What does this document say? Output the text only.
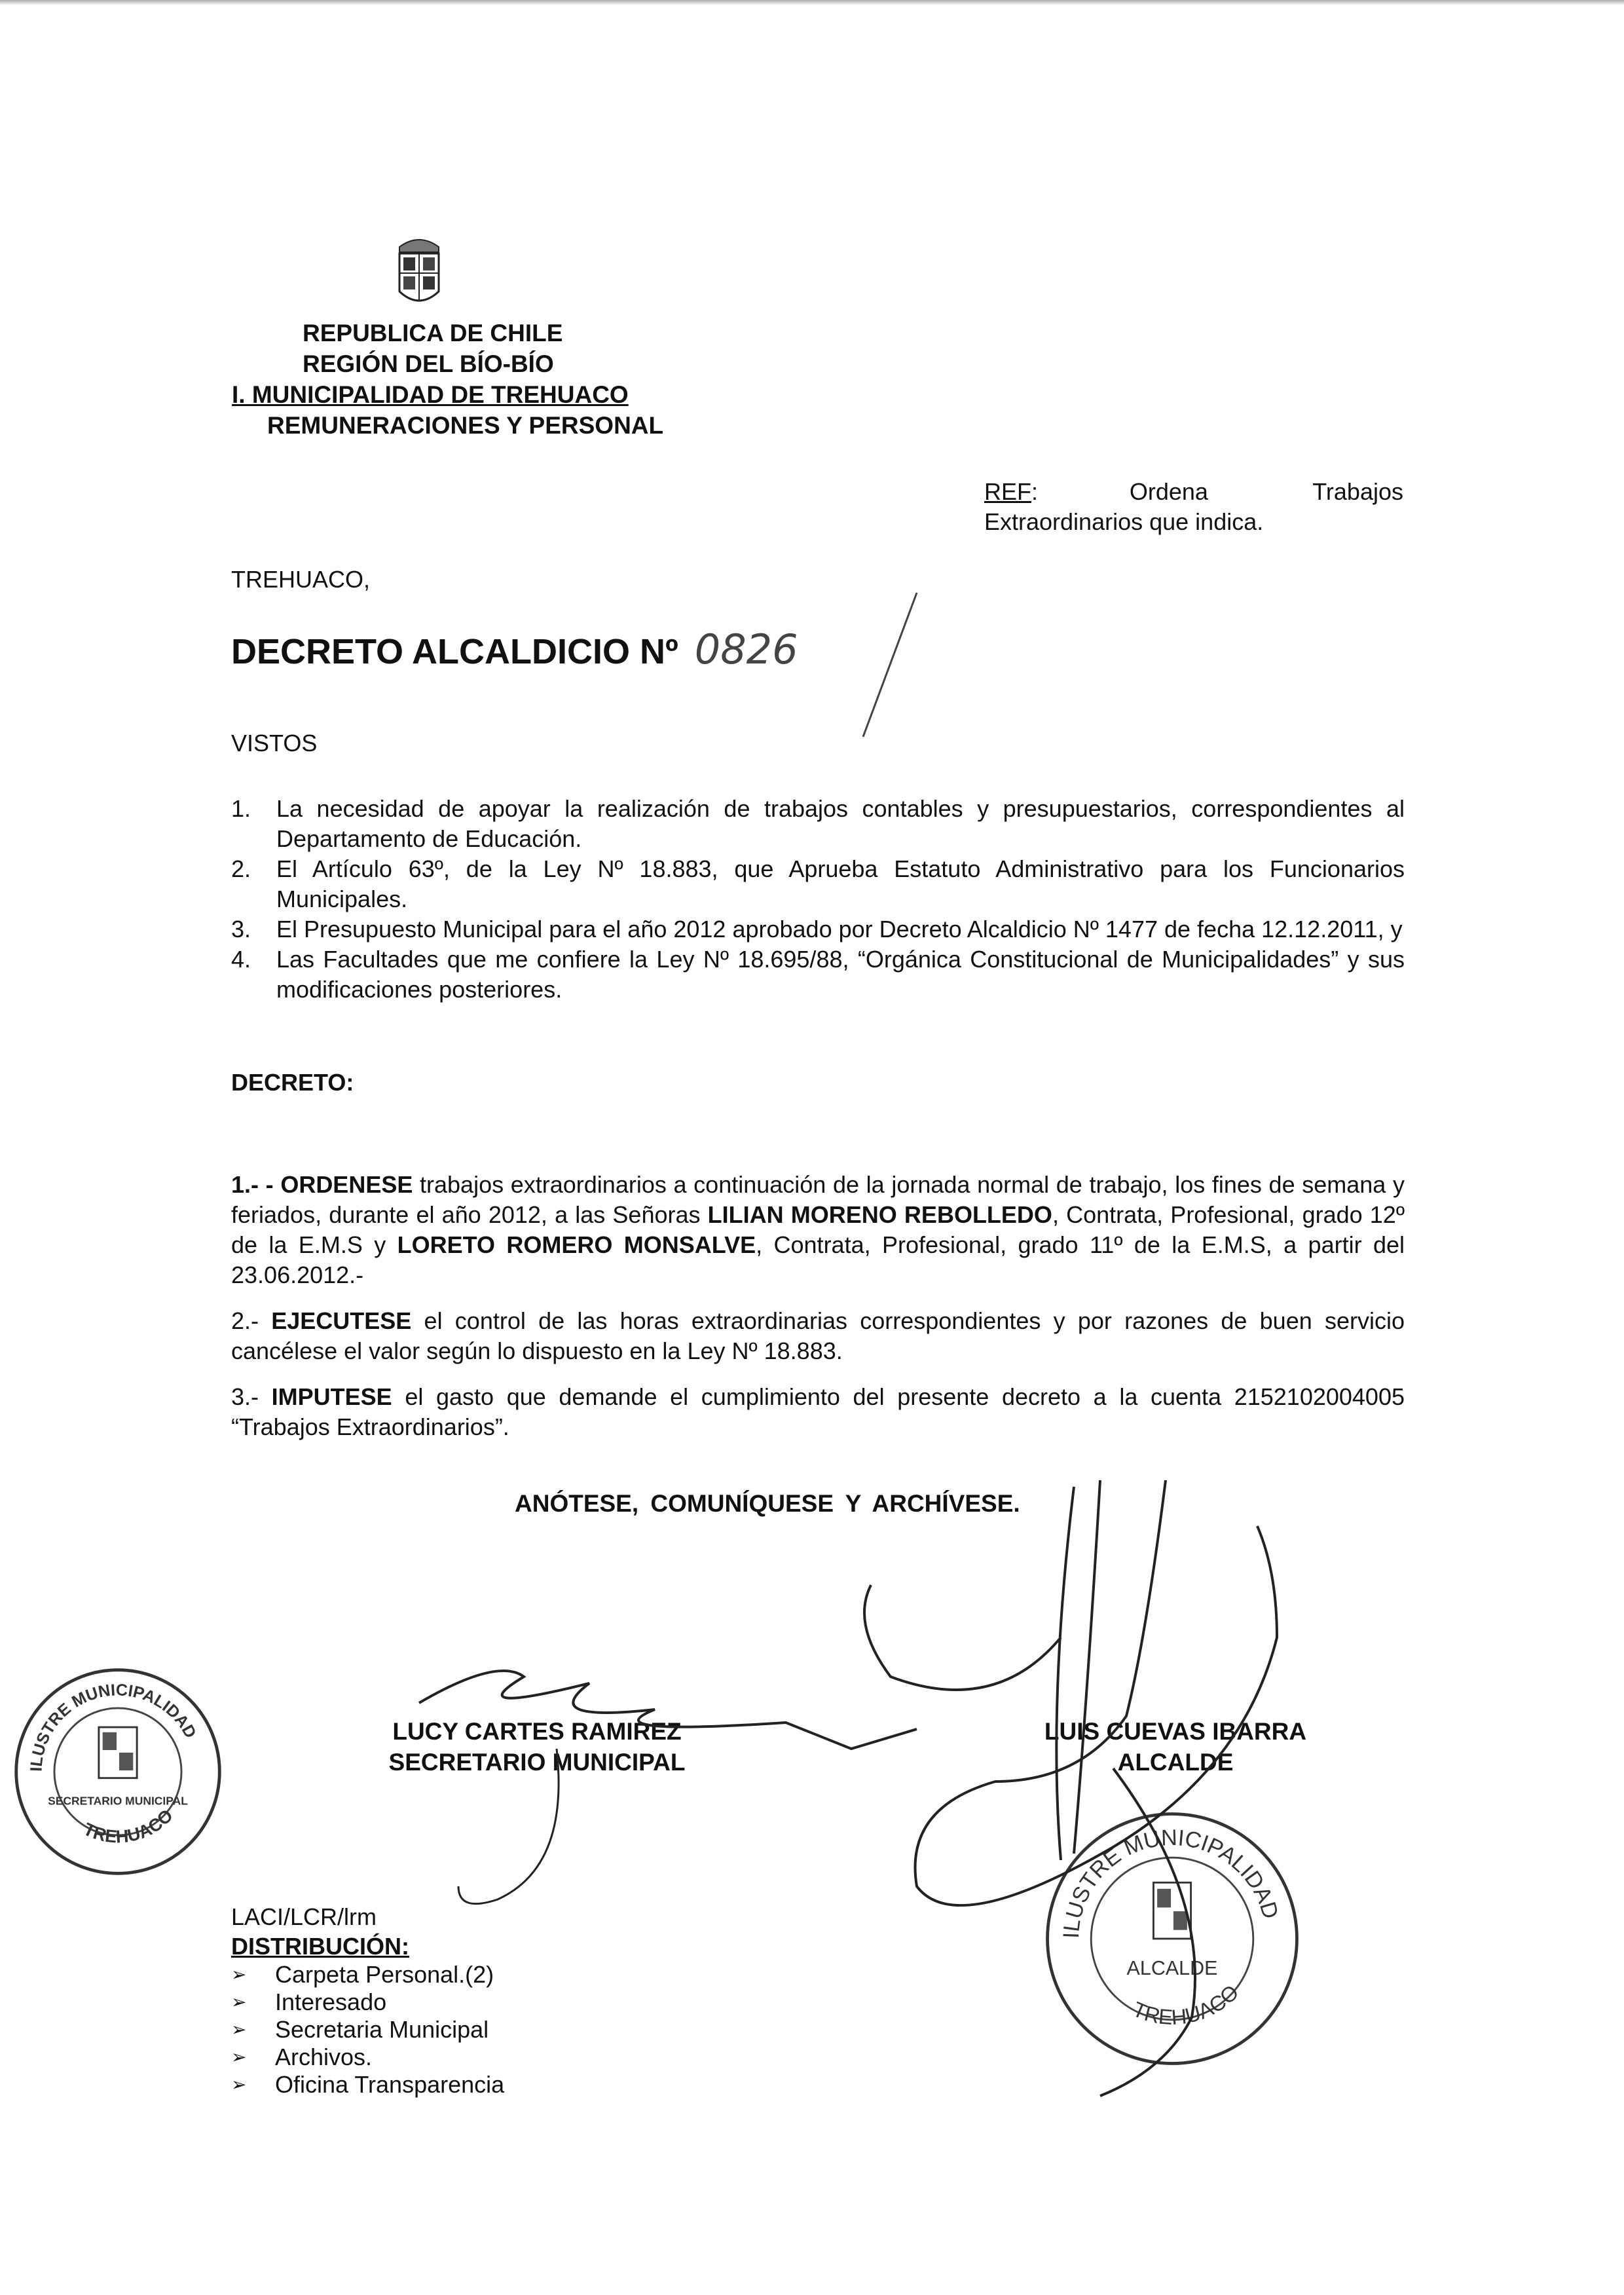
REPUBLICA DE CHILE
REGIÓN DEL BÍO-BÍO
I. MUNICIPALIDAD DE TREHUACO
REMUNERACIONES Y PERSONAL
REF:	Ordena Trabajos
Extraordinarios que indica.
TREHUACO,
DECRETO ALCALDICIO Nº 0826
VISTOS
1. La necesidad de apoyar la realización de trabajos contables y presupuestarios, correspondientes al Departamento de Educación.
2. El Artículo 63º, de la Ley Nº 18.883, que Aprueba Estatuto Administrativo para los Funcionarios Municipales.
3. El Presupuesto Municipal para el año 2012 aprobado por Decreto Alcaldicio Nº 1477 de fecha 12.12.2011, y
4. Las Facultades que me confiere la Ley Nº 18.695/88, “Orgánica Constitucional de Municipalidades” y sus modificaciones posteriores.
DECRETO:
1.- - ORDENESE trabajos extraordinarios a continuación de la jornada normal de trabajo, los fines de semana y feriados, durante el año 2012, a las Señoras LILIAN MORENO REBOLLEDO, Contrata, Profesional, grado 12º de la E.M.S y LORETO ROMERO MONSALVE, Contrata, Profesional, grado 11º de la E.M.S, a partir del 23.06.2012.-
2.- EJECUTESE el control de las horas extraordinarias correspondientes y por razones de buen servicio cancélese el valor según lo dispuesto en la Ley Nº 18.883.
3.- IMPUTESE el gasto que demande el cumplimiento del presente decreto a la cuenta 2152102004005 “Trabajos Extraordinarios”.
ANÓTESE, COMUNÍQUESE Y ARCHÍVESE.
ILUSTRE MUNICIPALIDAD
TREHUACO
SECRETARIO MUNICIPAL
ILUSTRE MUNICIPALIDAD
TREHUACO
ALCALDE
LUCY CARTES RAMIREZ
SECRETARIO MUNICIPAL
LUIS CUEVAS IBARRA
ALCALDE
LACI/LCR/lrm
DISTRIBUCIÓN:
➢ Carpeta Personal.(2)
➢ Interesado
➢ Secretaria Municipal
➢ Archivos.
➢ Oficina Transparencia
